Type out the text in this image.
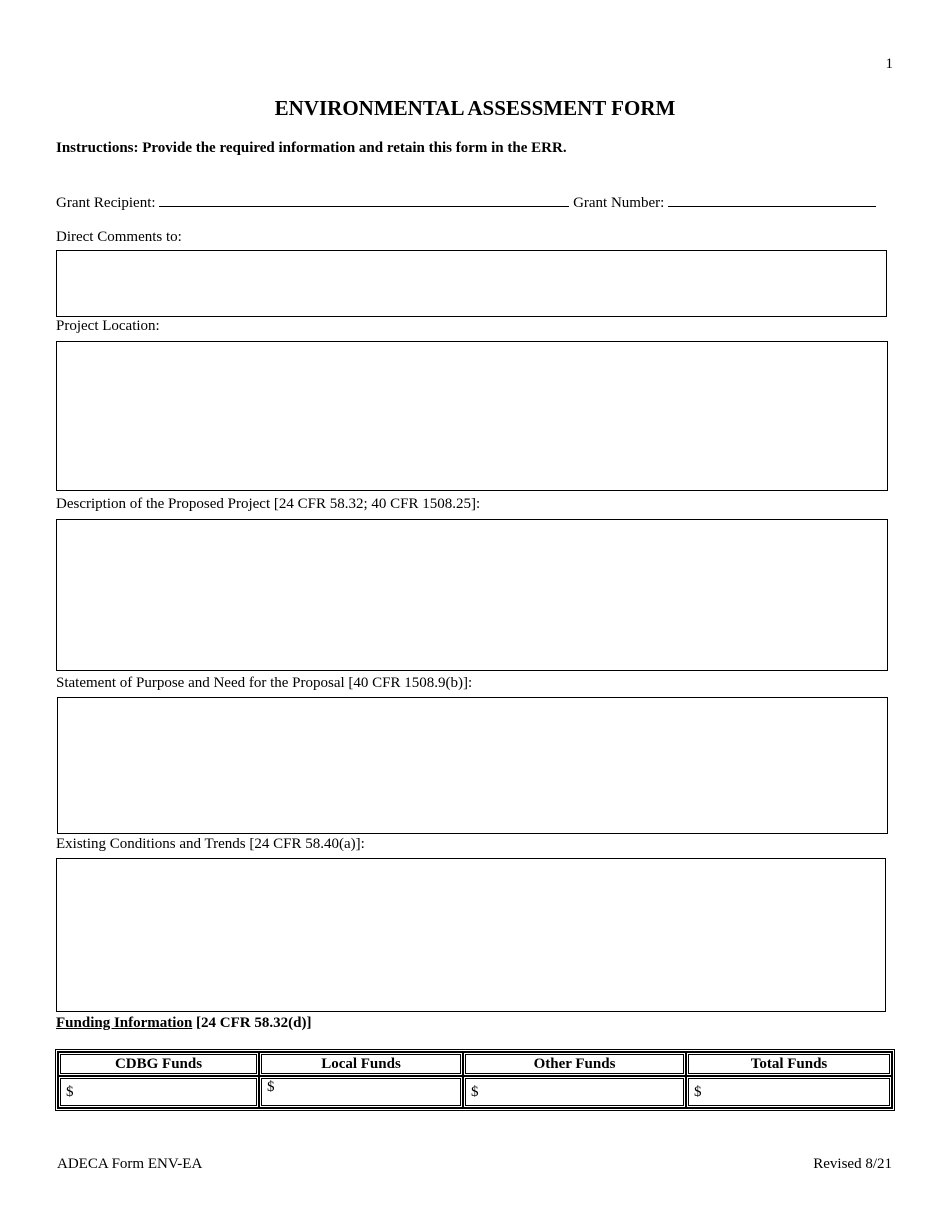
1
ENVIRONMENTAL ASSESSMENT FORM
Instructions: Provide the required information and retain this form in the ERR.
Grant Recipient:	Grant Number:
Direct Comments to:
Project Location:
Description of the Proposed Project [24 CFR 58.32; 40 CFR 1508.25]:
Statement of Purpose and Need for the Proposal [40 CFR 1508.9(b)]:
Existing Conditions and Trends [24 CFR 58.40(a)]:
Funding Information [24 CFR 58.32(d)]
CDBG Funds	Local Funds	Other Funds	Total Funds
$	$	$	$
ADECA Form ENV-EA	Revised 8/21
